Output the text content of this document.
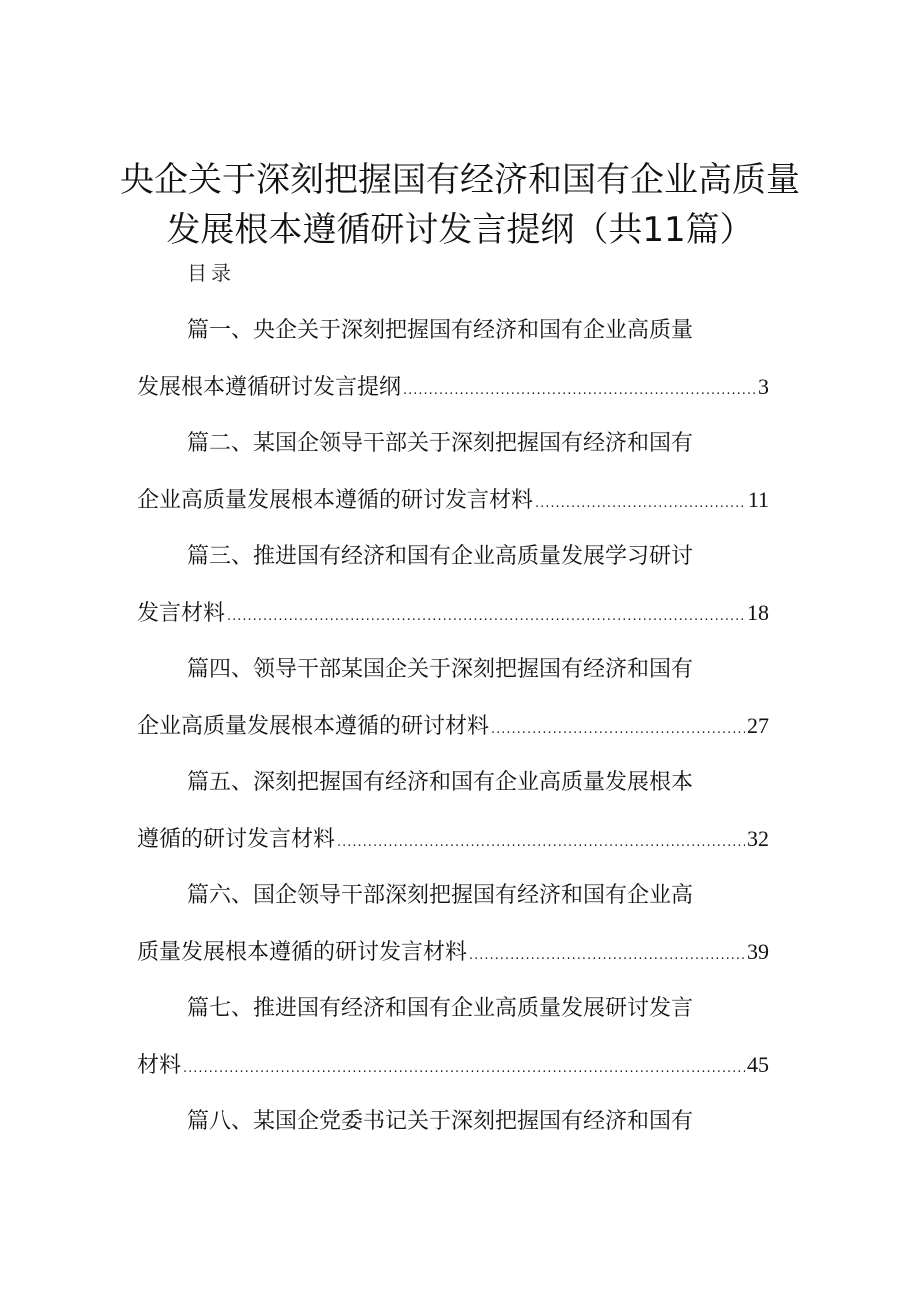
央企关于深刻把握国有经济和国有企业高质量发展根本遵循研讨发言提纲（共11篇）
目录
篇一、央企关于深刻把握国有经济和国有企业高质量
发展根本遵循研讨发言提纲 .....	3
篇二、某国企领导干部关于深刻把握国有经济和国有
企业高质量发展根本遵循的研讨发言材料 .....	11
篇三、推进国有经济和国有企业高质量发展学习研讨
发言材料 .....	18
篇四、领导干部某国企关于深刻把握国有经济和国有
企业高质量发展根本遵循的研讨材料 .....	27
篇五、深刻把握国有经济和国有企业高质量发展根本
遵循的研讨发言材料 .....	32
篇六、国企领导干部深刻把握国有经济和国有企业高
质量发展根本遵循的研讨发言材料 .....	39
篇七、推进国有经济和国有企业高质量发展研讨发言
材料 .....	45
篇八、某国企党委书记关于深刻把握国有经济和国有
